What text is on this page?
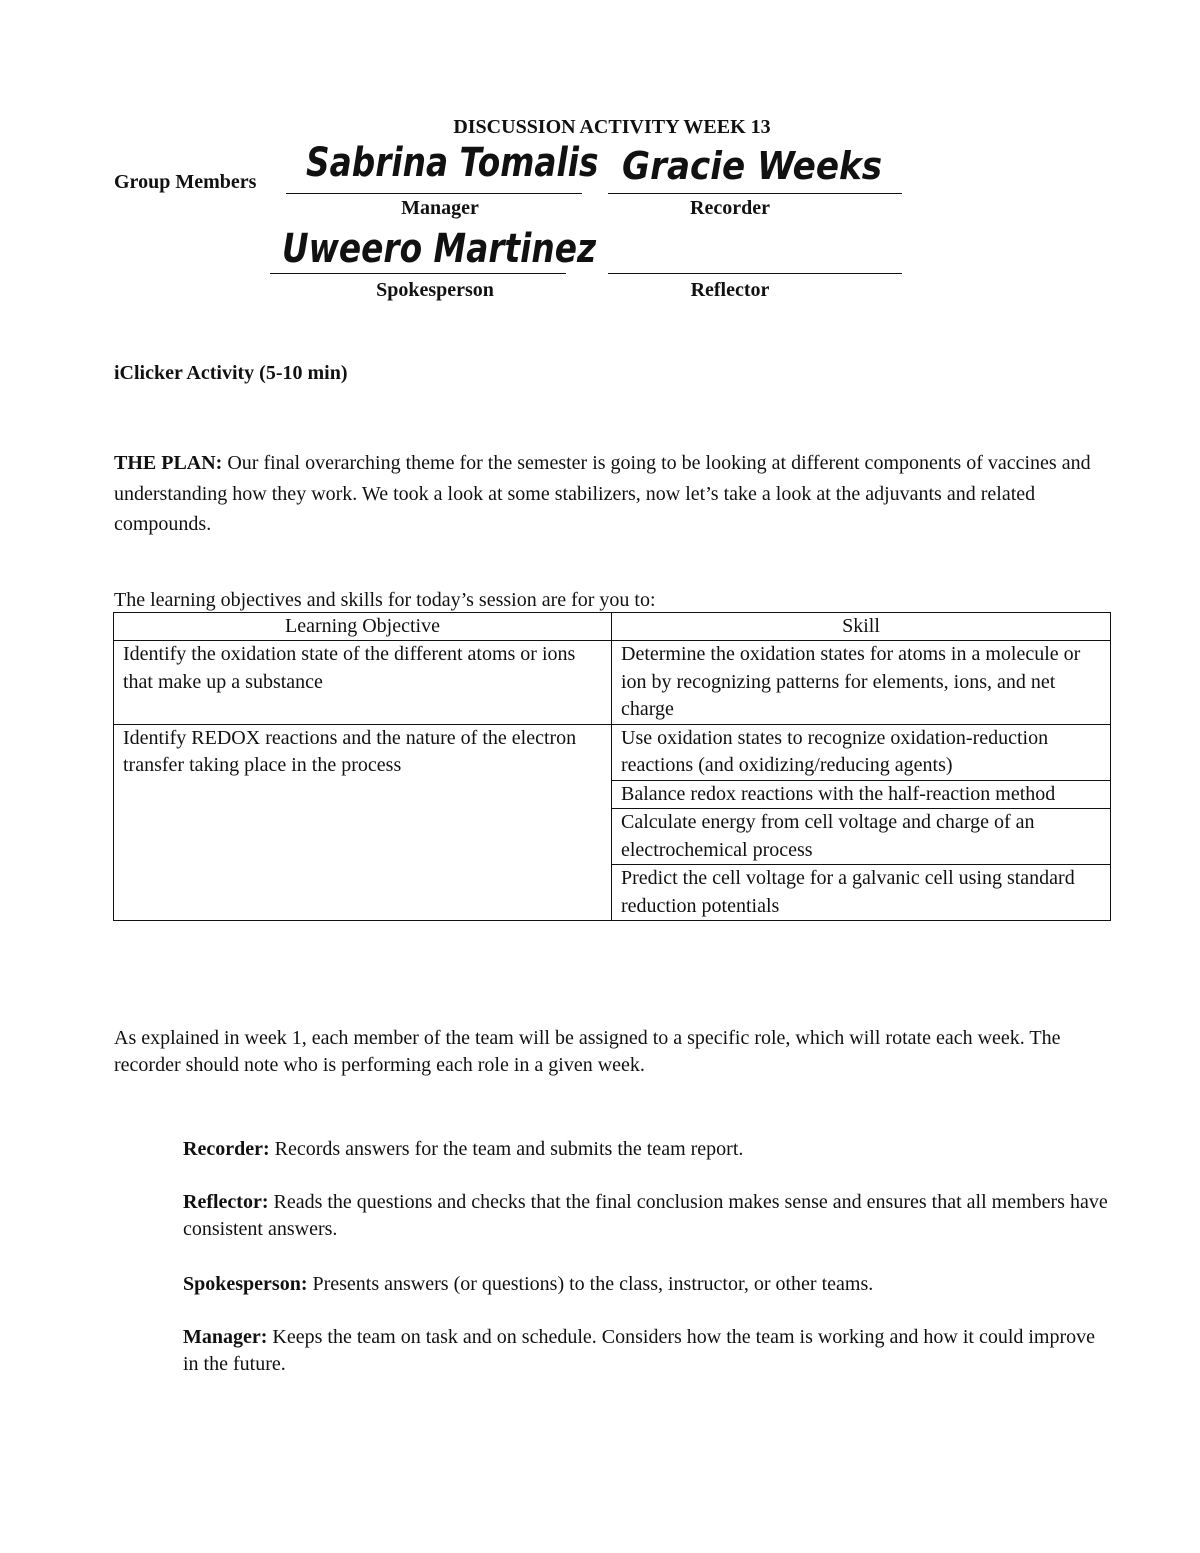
DISCUSSION ACTIVITY WEEK 13
Group Members Sabrina Tomalis Gracie Weeks
Manager	Recorder
Uweero Martinez
Spokesperson	Reflector
iClicker Activity (5-10 min)
THE PLAN: Our final overarching theme for the semester is going to be looking at different components of vaccines and understanding how they work. We took a look at some stabilizers, now let’s take a look at the adjuvants and related compounds.
The learning objectives and skills for today’s session are for you to:
Learning Objective	Skill
Identify the oxidation state of the different atoms or ions that make up a substance	Determine the oxidation states for atoms in a molecule or ion by recognizing patterns for elements, ions, and net charge
Identify REDOX reactions and the nature of the electron transfer taking place in the process	Use oxidation states to recognize oxidation-reduction reactions (and oxidizing/reducing agents)
	Balance redox reactions with the half-reaction method
	Calculate energy from cell voltage and charge of an electrochemical process
	Predict the cell voltage for a galvanic cell using standard reduction potentials
As explained in week 1, each member of the team will be assigned to a specific role, which will rotate each week. The recorder should note who is performing each role in a given week.
Recorder: Records answers for the team and submits the team report.
Reflector: Reads the questions and checks that the final conclusion makes sense and ensures that all members have consistent answers.
Spokesperson: Presents answers (or questions) to the class, instructor, or other teams.
Manager: Keeps the team on task and on schedule. Considers how the team is working and how it could improve in the future.
